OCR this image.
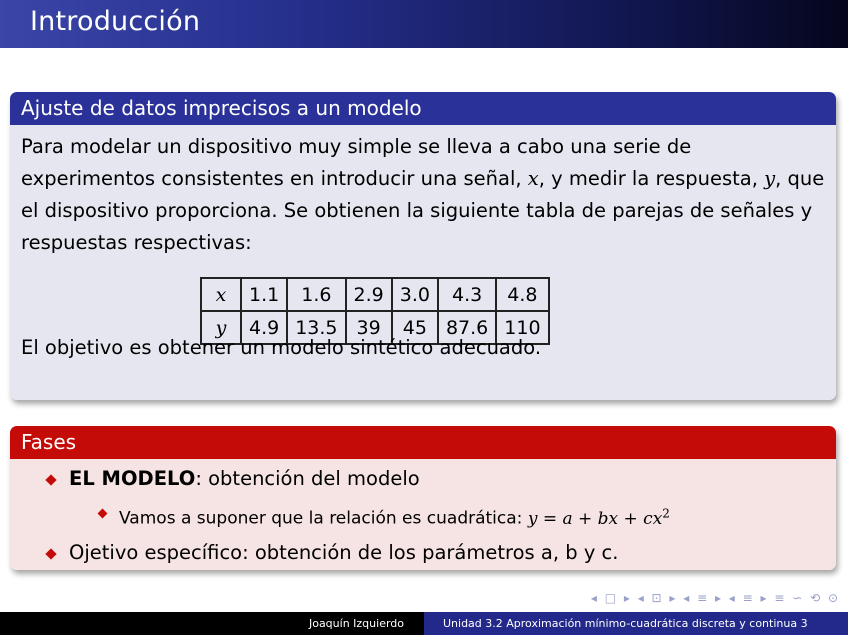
Introducción
Ajuste de datos imprecisos a un modelo

Para modelar un dispositivo muy simple se lleva a cabo una serie de experimentos consistentes en introducir una señal, x, y medir la respuesta, y, que el dispositivo proporciona. Se obtienen la siguiente tabla de parejas de señales y respuestas respectivas:

x	1.1	1.6	2.9	3.0	4.3	4.8
y	4.9	13.5	39	45	87.6	110

El objetivo es obtener un modelo sintético adecuado.

Fases
EL MODELO: obtención del modelo
Vamos a suponer que la relación es cuadrática: y = a + bx + $cx^2$
Ojetivo específico: obtención de los parámetros a, b y c.
◂ □ ▸ ◂ ⊡ ▸ ◂ ≡ ▸ ◂ ≡ ▸ ≡ ∽ ⟲ ⊙
Joaquín Izquierdo	Unidad 3.2 Aproximación mínimo-cuadrática discreta y continua 3
